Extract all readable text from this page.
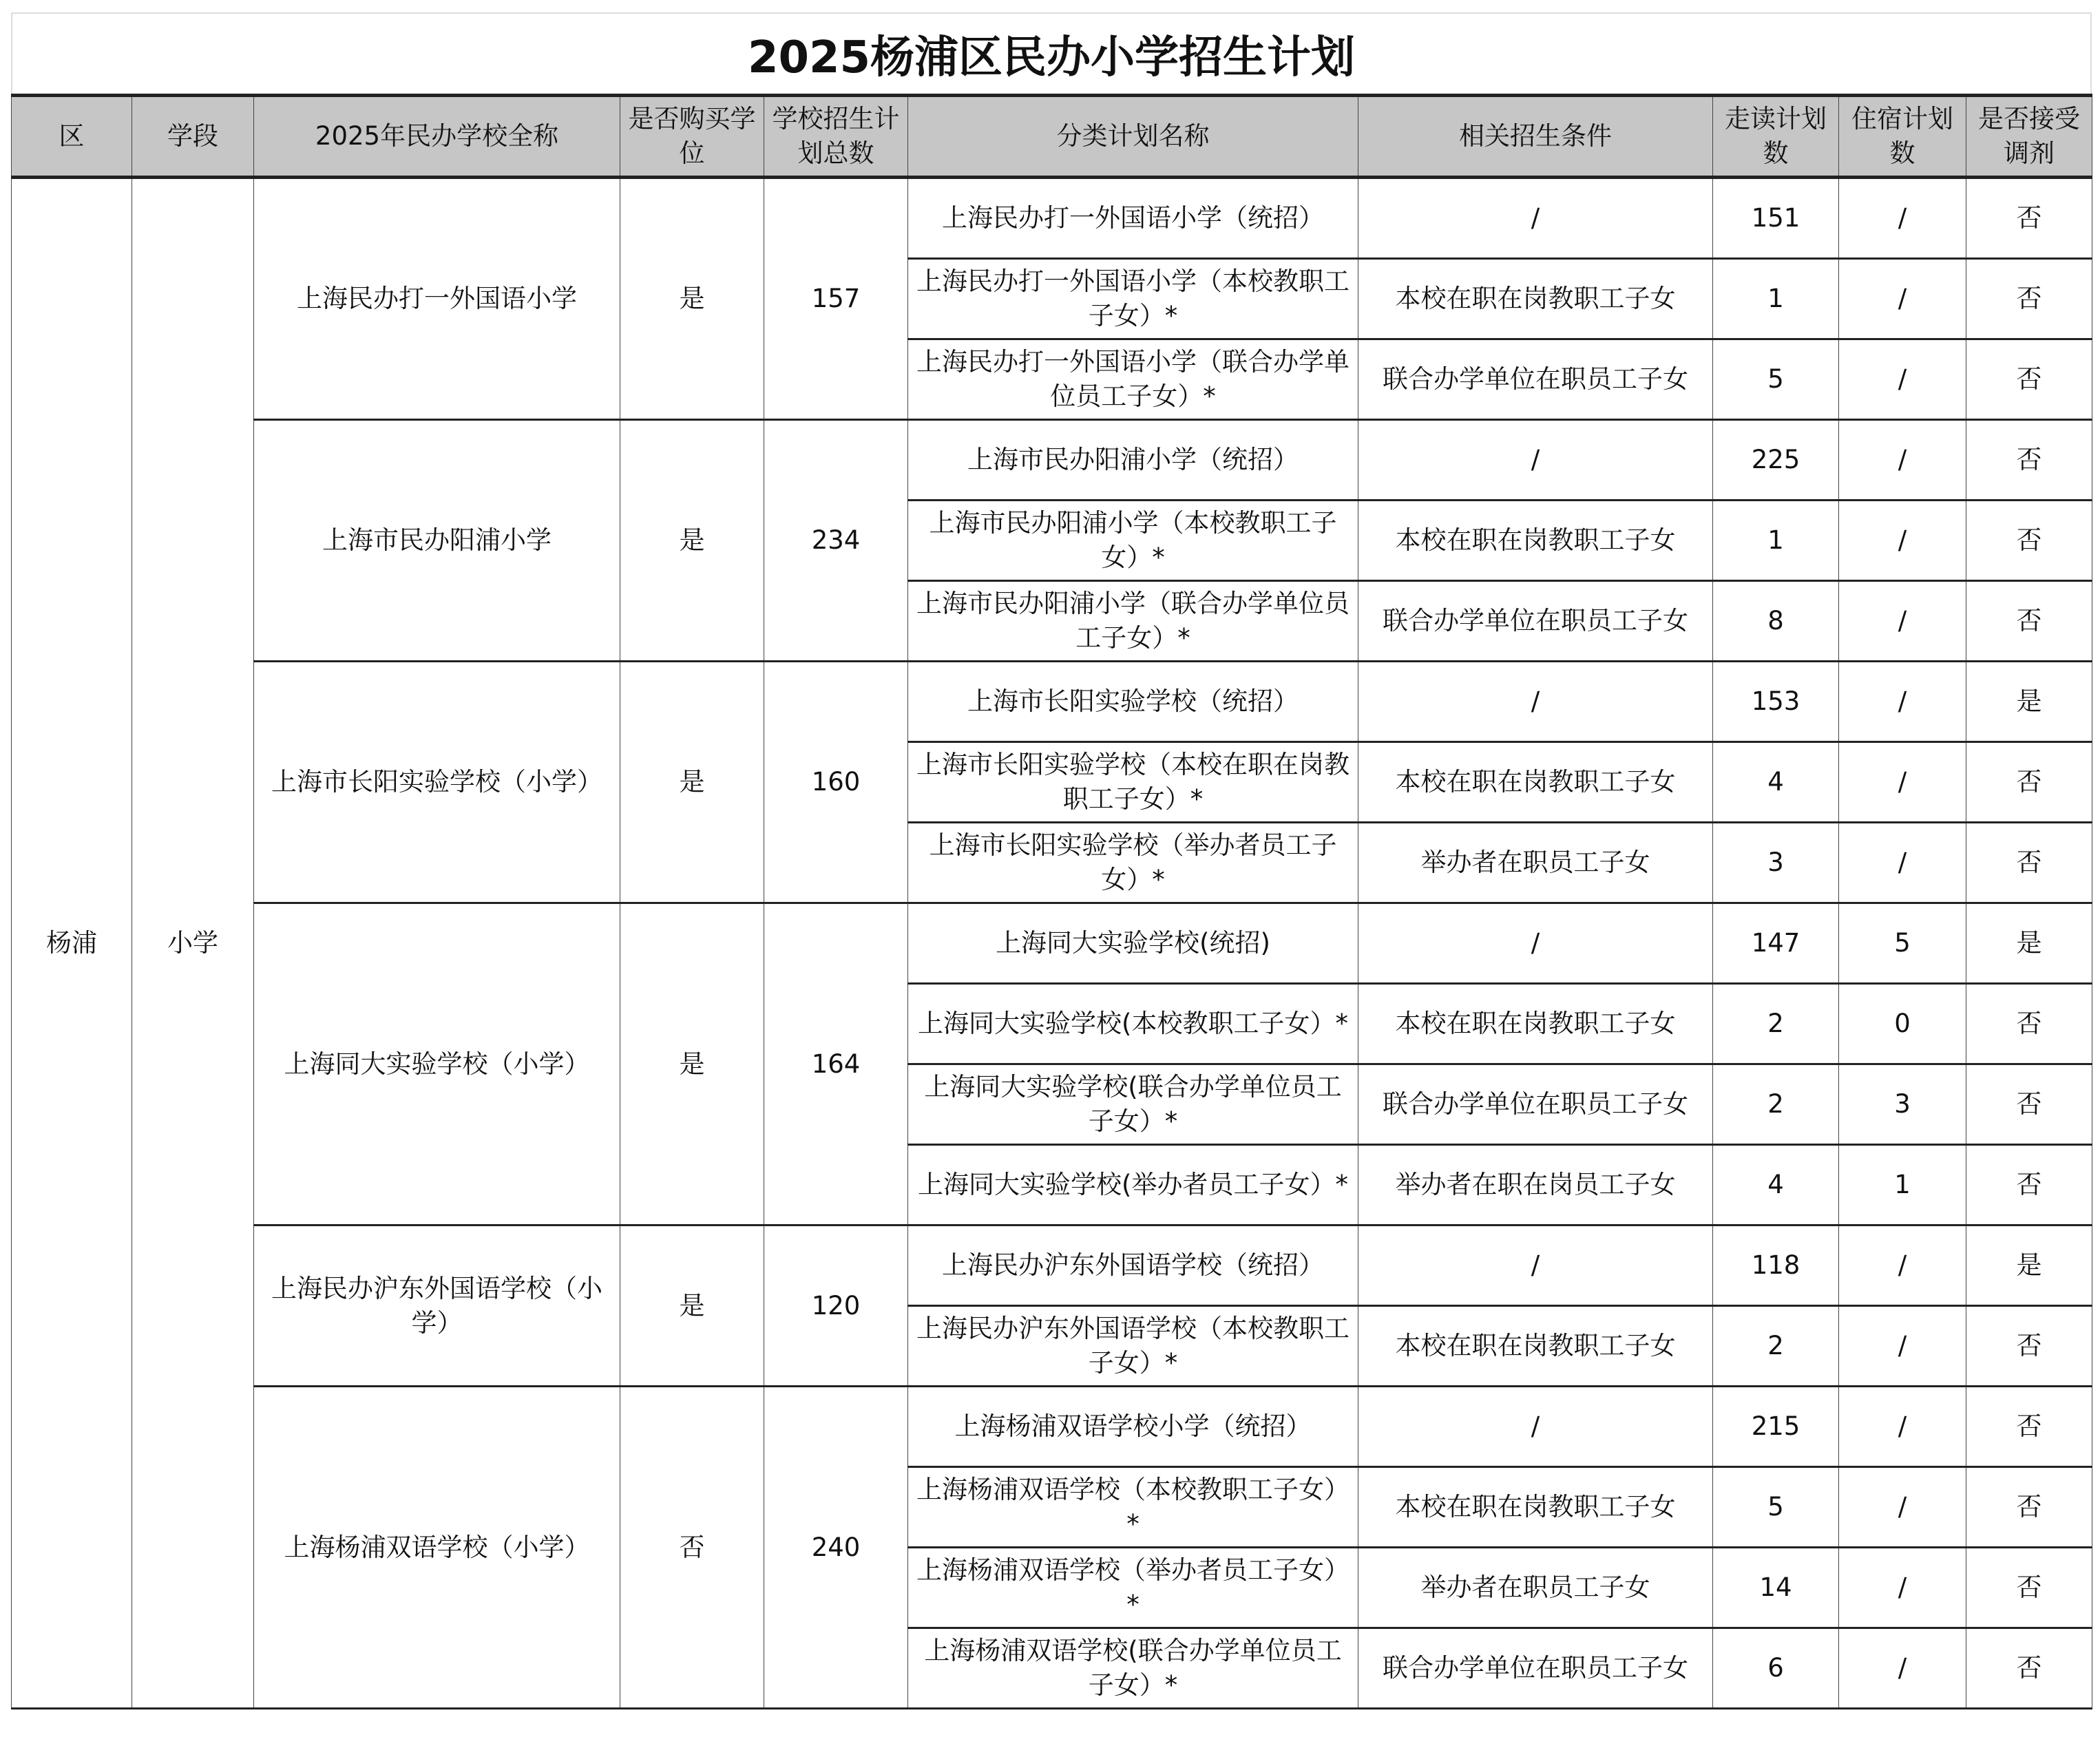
2025杨浦区民办小学招生计划
区	学段	2025年民办学校全称	是否购买学位	学校招生计划总数	分类计划名称	相关招生条件	走读计划数	住宿计划数	是否接受调剂
杨浦	小学	上海民办打一外国语小学	是	157	上海民办打一外国语小学（统招）	/	151	/	否
					上海民办打一外国语小学（本校教职工子女）*	本校在职在岗教职工子女	1	/	否
					上海民办打一外国语小学（联合办学单位员工子女）*	联合办学单位在职员工子女	5	/	否
		上海市民办阳浦小学	是	234	上海市民办阳浦小学（统招）	/	225	/	否
					上海市民办阳浦小学（本校教职工子女）*	本校在职在岗教职工子女	1	/	否
					上海市民办阳浦小学（联合办学单位员工子女）*	联合办学单位在职员工子女	8	/	否
		上海市长阳实验学校（小学）	是	160	上海市长阳实验学校（统招）	/	153	/	是
					上海市长阳实验学校（本校在职在岗教职工子女）*	本校在职在岗教职工子女	4	/	否
					上海市长阳实验学校（举办者员工子女）*	举办者在职员工子女	3	/	否
		上海同大实验学校（小学）	是	164	上海同大实验学校(统招)	/	147	5	是
					上海同大实验学校(本校教职工子女）*	本校在职在岗教职工子女	2	0	否
					上海同大实验学校(联合办学单位员工子女）*	联合办学单位在职员工子女	2	3	否
					上海同大实验学校(举办者员工子女）*	举办者在职在岗员工子女	4	1	否
		上海民办沪东外国语学校（小学）	是	120	上海民办沪东外国语学校（统招）	/	118	/	是
					上海民办沪东外国语学校（本校教职工子女）*	本校在职在岗教职工子女	2	/	否
		上海杨浦双语学校（小学）	否	240	上海杨浦双语学校小学（统招）	/	215	/	否
					上海杨浦双语学校（本校教职工子女）*	本校在职在岗教职工子女	5	/	否
					上海杨浦双语学校（举办者员工子女）*	举办者在职员工子女	14	/	否
					上海杨浦双语学校(联合办学单位员工子女）*	联合办学单位在职员工子女	6	/	否
